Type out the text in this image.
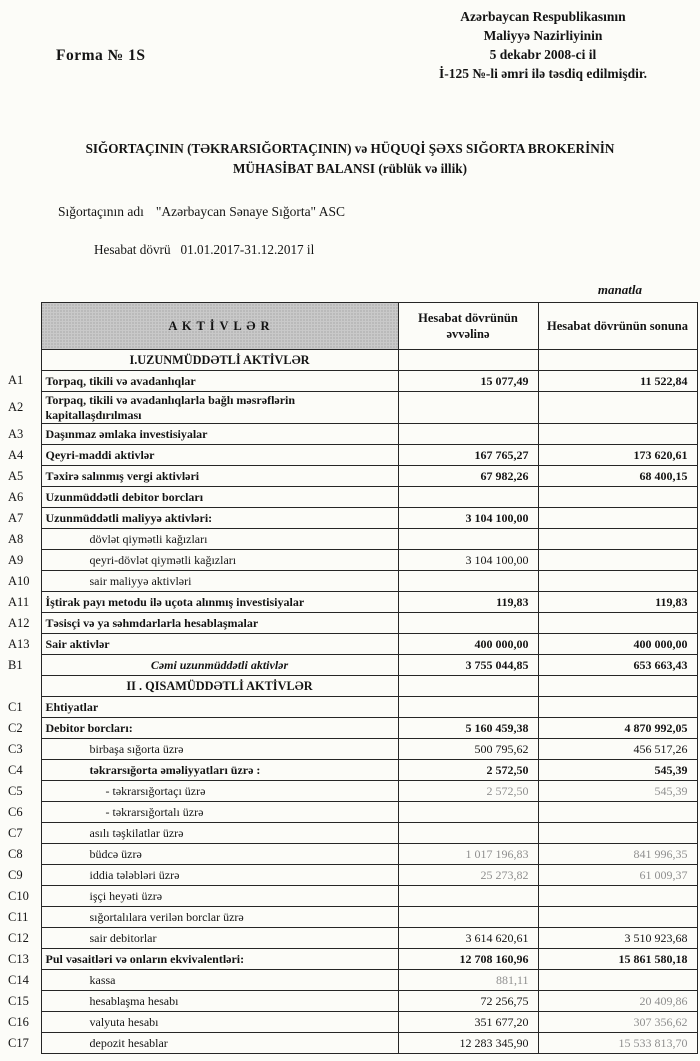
Azərbaycan Respublikasının
Maliyyə Nazirliyinin
5 dekabr 2008-ci il
İ-125 №-li əmri ilə təsdiq edilmişdir.
Forma № 1S
SIĞORTAÇININ (TƏKRARSIĞORTAÇININ) və HÜQUQİ ŞƏXS SIĞORTA BROKERİNİN
MÜHASİBAT BALANSI (rüblük və illik)
Sığortaçının adı "Azərbaycan Sənaye Sığorta" ASC
Hesabat dövrü 01.01.2017-31.12.2017 il
manatla
	A K T İ V L Ə R	Hesabat dövrünün əvvəlinə	Hesabat dövrünün sonuna
	I.UZUNMÜDDƏTLİ AKTİVLƏR		
A1	Torpaq, tikili və avadanlıqlar	15 077,49	11 522,84
A2	Torpaq, tikili və avadanlıqlarla bağlı məsrəflərin kapitallaşdırılması		
A3	Daşınmaz əmlaka investisiyalar		
A4	Qeyri-maddi aktivlər	167 765,27	173 620,61
A5	Təxirə salınmış vergi aktivləri	67 982,26	68 400,15
A6	Uzunmüddətli debitor borcları		
A7	Uzunmüddətli maliyyə aktivləri:	3 104 100,00	
A8	dövlət qiymətli kağızları		
A9	qeyri-dövlət qiymətli kağızları	3 104 100,00	
A10	sair maliyyə aktivləri		
A11	İştirak payı metodu ilə uçota alınmış investisiyalar	119,83	119,83
A12	Təsisçi və ya səhmdarlarla hesablaşmalar		
A13	Sair aktivlər	400 000,00	400 000,00
B1	Cəmi uzunmüddətli aktivlər	3 755 044,85	653 663,43
	II . QISAMÜDDƏTLİ AKTİVLƏR		
C1	Ehtiyatlar		
C2	Debitor borcları:	5 160 459,38	4 870 992,05
C3	birbaşa sığorta üzrə	500 795,62	456 517,26
C4	təkrarsığorta əməliyyatları üzrə :	2 572,50	545,39
C5	- təkrarsığortaçı üzrə	2 572,50	545,39
C6	- təkrarsığortalı üzrə		
C7	asılı təşkilatlar üzrə		
C8	büdcə üzrə	1 017 196,83	841 996,35
C9	iddia tələbləri üzrə	25 273,82	61 009,37
C10	işçi heyəti üzrə		
C11	sığortalılara verilən borclar üzrə		
C12	sair debitorlar	3 614 620,61	3 510 923,68
C13	Pul vəsaitləri və onların ekvivalentləri:	12 708 160,96	15 861 580,18
C14	kassa	881,11	
C15	hesablaşma hesabı	72 256,75	20 409,86
C16	valyuta hesabı	351 677,20	307 356,62
C17	depozit hesablar	12 283 345,90	15 533 813,70
